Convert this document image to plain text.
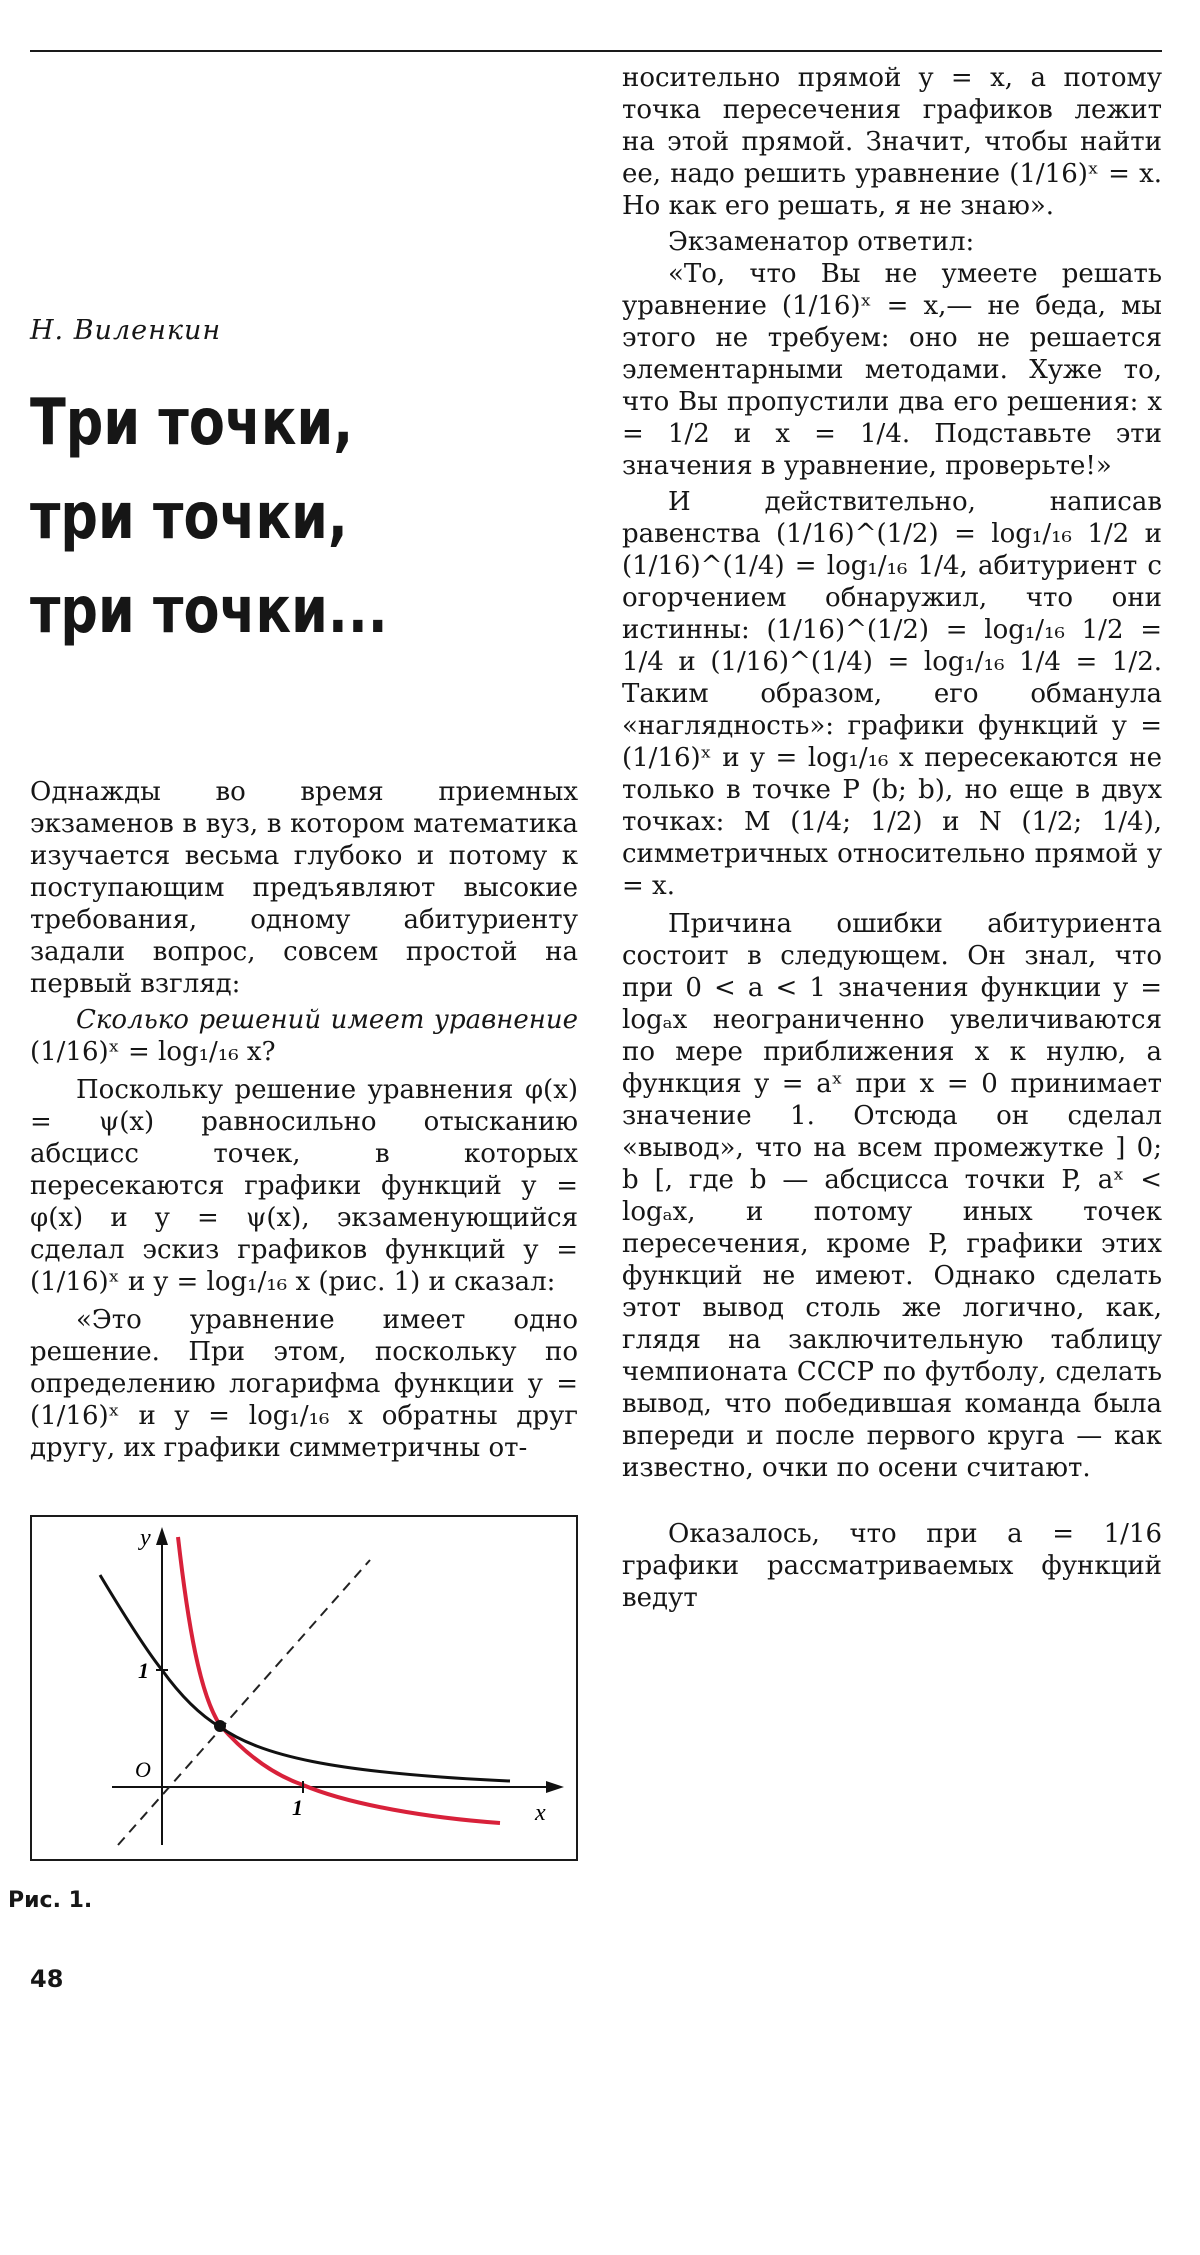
Н. Виленкин
Три точки,
три точки,
три точки...

Однажды во время приемных экзаменов в вуз, в котором математика изучается весьма глубоко и потому к поступающим предъявляют высокие требования, одному абитуриенту задали вопрос, совсем простой на первый взгляд:

Сколько решений имеет уравнение (1/16)ˣ = log₁/₁₆ x?

Поскольку решение уравнения φ(x) = ψ(x) равносильно отысканию абсцисс точек, в которых пересекаются графики функций y = φ(x) и y = ψ(x), экзаменующийся сделал эскиз графиков функций y = (1/16)ˣ и y = log₁/₁₆ x (рис. 1) и сказал:

«Это уравнение имеет одно решение. При этом, поскольку по определению логарифма функции y = (1/16)ˣ и y = log₁/₁₆ x обратны друг другу, их графики симметричны от-

y
x
1
1
O
Рис. 1.
48

носительно прямой y = x, а потому точка пересечения графиков лежит на этой прямой. Значит, чтобы найти ее, надо решить уравнение (1/16)ˣ = x. Но как его решать, я не знаю».

Экзаменатор ответил:

«То, что Вы не умеете решать уравнение (1/16)ˣ = x,— не беда, мы этого не требуем: оно не решается элементарными методами. Хуже то, что Вы пропустили два его решения: x = 1/2 и x = 1/4. Подставьте эти значения в уравнение, проверьте!»

И действительно, написав равенства (1/16)^(1/2) = log₁/₁₆ 1/2 и (1/16)^(1/4) = log₁/₁₆ 1/4, абитуриент с огорчением обнаружил, что они истинны: (1/16)^(1/2) = log₁/₁₆ 1/2 = 1/4 и (1/16)^(1/4) = log₁/₁₆ 1/4 = 1/2. Таким образом, его обманула «наглядность»: графики функций y = (1/16)ˣ и y = log₁/₁₆ x пересекаются не только в точке P (b; b), но еще в двух точках: M (1/4; 1/2) и N (1/2; 1/4), симметричных относительно прямой y = x.

Причина ошибки абитуриента состоит в следующем. Он знал, что при 0 < a < 1 значения функции y = logₐx неограниченно увеличиваются по мере приближения x к нулю, а функция y = aˣ при x = 0 принимает значение 1. Отсюда он сделал «вывод», что на всем промежутке ] 0; b [, где b — абсцисса точки P, aˣ < logₐx, и потому иных точек пересечения, кроме P, графики этих функций не имеют. Однако сделать этот вывод столь же логично, как, глядя на заключительную таблицу чемпионата СССР по футболу, сделать вывод, что победившая команда была впереди и после первого круга — как известно, очки по осени считают.

Оказалось, что при a = 1/16 графики рассматриваемых функций ведут
